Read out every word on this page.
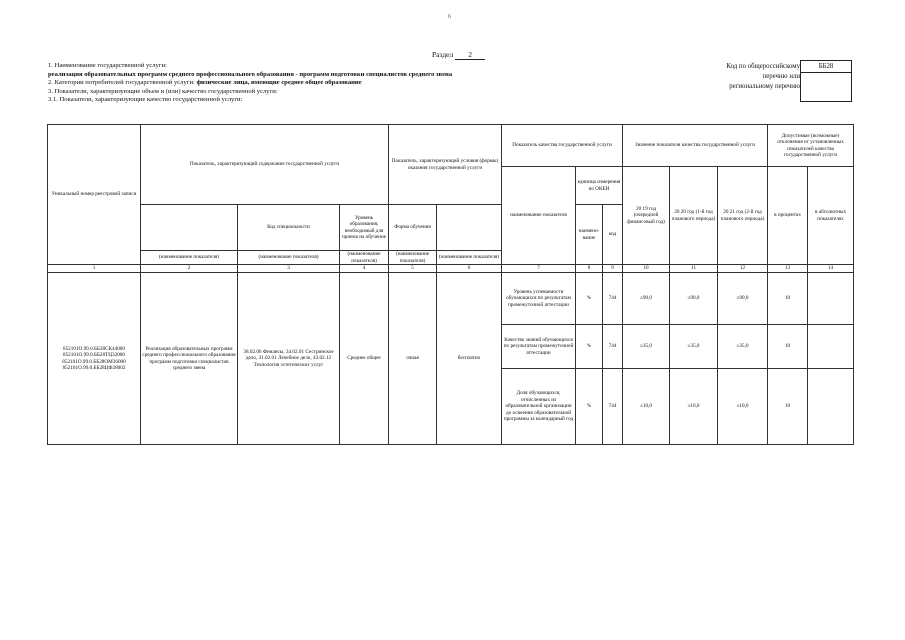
6
Раздел 2
1. Наименование государственной услуги:
реализация образовательных программ среднего профессионального образования - программ подготовки специалистов среднего звена
2. Категории потребителей государственной услуги: физические лица, имеющие среднее общее образование
3. Показатели, характеризующие объем и (или) качество государственной услуги:
3.1. Показатели, характеризующие качество государственной услуги:
Код по общероссийскому
перечню или
региональному перечню
ББ28
Уникальный номер реестровой записи	Показатель, характеризующий содержание государственной услуги			Показатель, характеризующий условия (формы) оказания государственной услуги		Показатель качества государственной услуги			Значение показателя качества государственной услуги			Допустимые (возможные) отклонения от установленных показателей качества государственной услуги	
						наименование показателя	единица измерения по ОКЕИ		20 19 год (очередной финансовый год)	20 20 год (1-й год планового периода)	20 21 год (2-й год планового периода)	в процентах	в абсолютных показателях
		Код специальности	Уровень образования, необходимый для приема на обучение	Форма обучения			наимено-вание	код					
	(наименование показателя)	(наименование показателя)	(наименование показателя)	(наименование показателя)	(наименование показателя)								
1	2	3	4	5	6	7	8	9	10	11	12	13	14
852101О.99.0.ББ28СК44000 852101О.99.0.ББ28ТЦ32000 852101О.99.0.ББ28ОМ36000 852101О.99.0.ББ28ЦФ28002	Реализация образовательных программ среднего профессионального образования программ подготовки специалистов среднего звена	38.02.06 Финансы, 34.02.01 Сестринское дело, 31.02.01 Лечебное дело, 43.02.12 Технология эстетических услуг	Среднее общее	очная	бесплатно	Уровень успеваемости обучающихся по результатам промежуточной аттестации	%	744	≥90,0	≥90,0	≥90,0	10	
						Качество знаний обучающихся по результатам промежуточной аттестации	%	744	≥35,0	≥35,0	≥35,0	10	
						Доля обучающихся, отчисленных из образовательной организации до освоения образовательной программы за календарный год	%	744	≤10,0	≤10,0	≤10,0	10	
